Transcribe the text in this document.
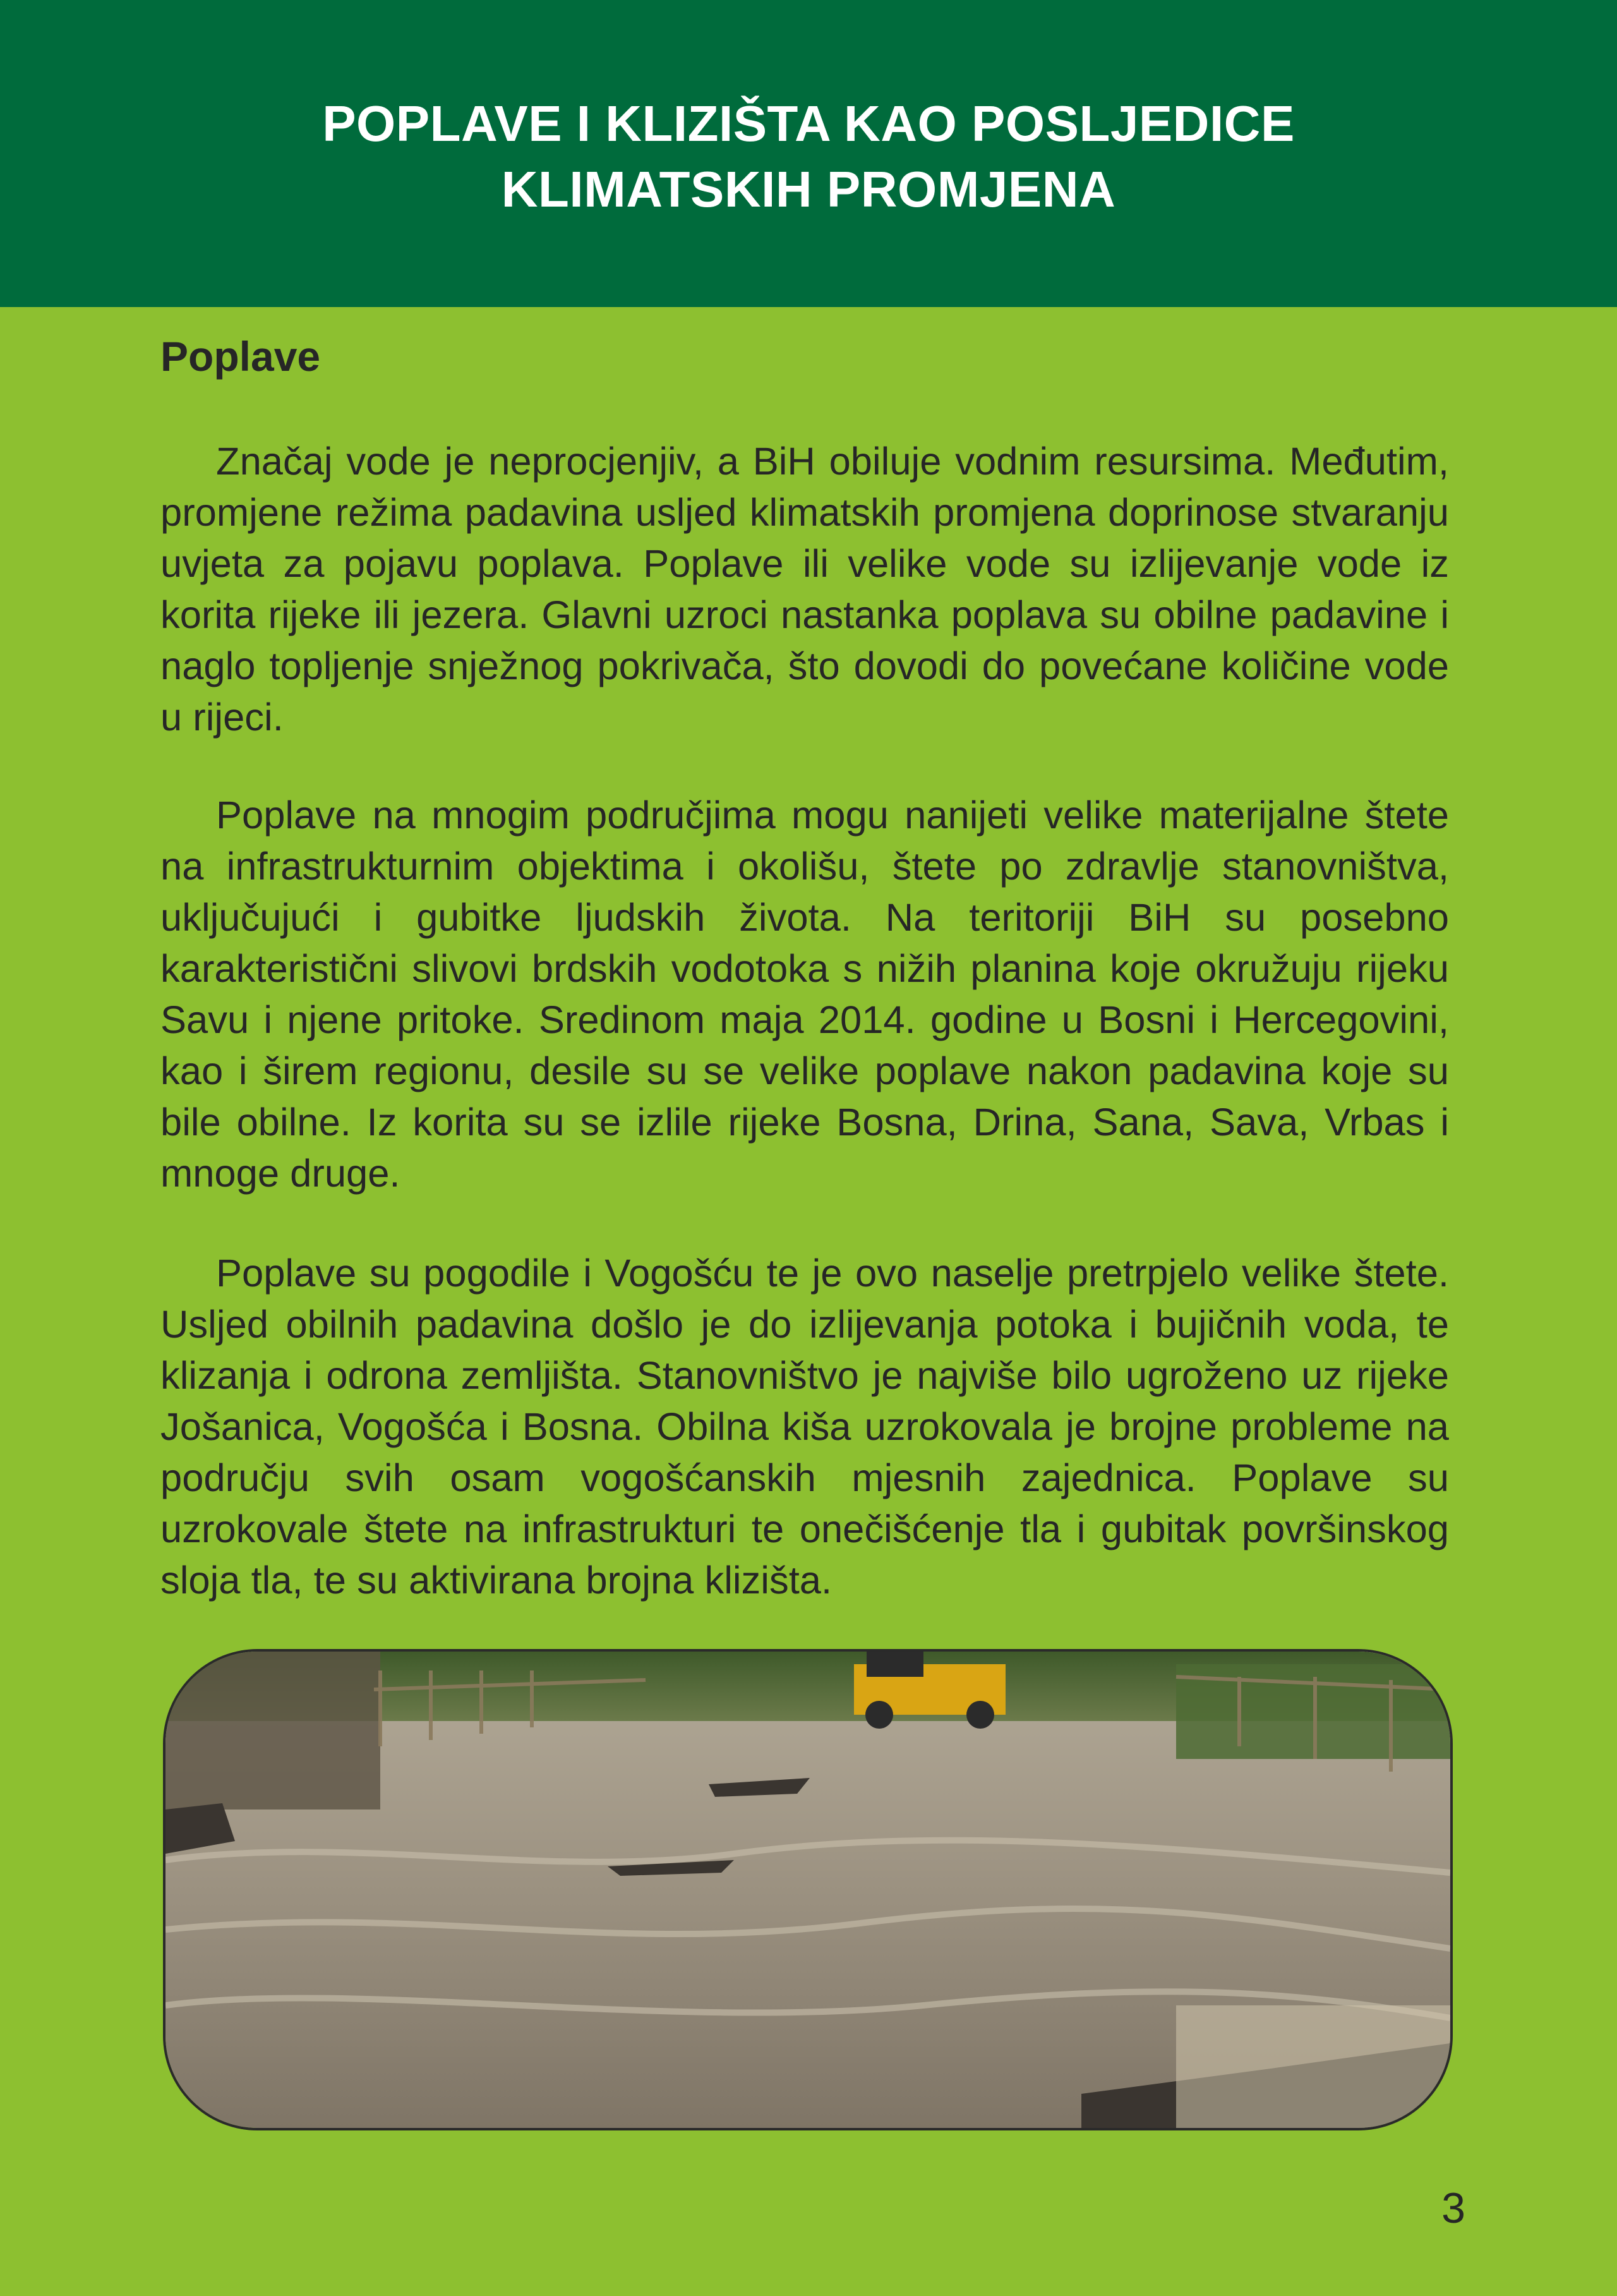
POPLAVE I KLIZIŠTA KAO POSLJEDICE
KLIMATSKIH PROMJENA
Poplave

Značaj vode je neprocjenjiv, a BiH obiluje vodnim resursima. Međutim, promjene režima padavina usljed klimatskih promjena doprinose stvaranju uvjeta za pojavu poplava. Poplave ili velike vode su izlijevanje vode iz korita rijeke ili jezera. Glavni uzroci nastanka poplava su obilne padavine i naglo topljenje snježnog pokrivača, što dovodi do povećane količine vode u rijeci.

Poplave na mnogim područjima mogu nanijeti velike materijalne štete na infrastrukturnim objektima i okolišu, štete po zdravlje stanovništva, uključujući i gubitke ljudskih života. Na teritoriji BiH su posebno karakteristični slivovi brdskih vodotoka s nižih planina koje okružuju rijeku Savu i njene pritoke. Sredinom maja 2014. godine u Bosni i Hercegovini, kao i širem regionu, desile su se velike poplave nakon padavina koje su bile obilne. Iz korita su se izlile rijeke Bosna, Drina, Sana, Sava, Vrbas i mnoge druge.

Poplave su pogodile i Vogošću te je ovo naselje pretrpjelo velike štete. Usljed obilnih padavina došlo je do izlijevanja potoka i bujičnih voda, te klizanja i odrona zemljišta. Stanovništvo je najviše bilo ugroženo uz rijeke Jošanica, Vogošća i Bosna. Obilna kiša uzrokovala je brojne probleme na području svih osam vogošćanskih mjesnih zajednica. Poplave su uzrokovale štete na infrastrukturi te onečišćenje tla i gubitak površinskog sloja tla, te su aktivirana brojna klizišta.

3
